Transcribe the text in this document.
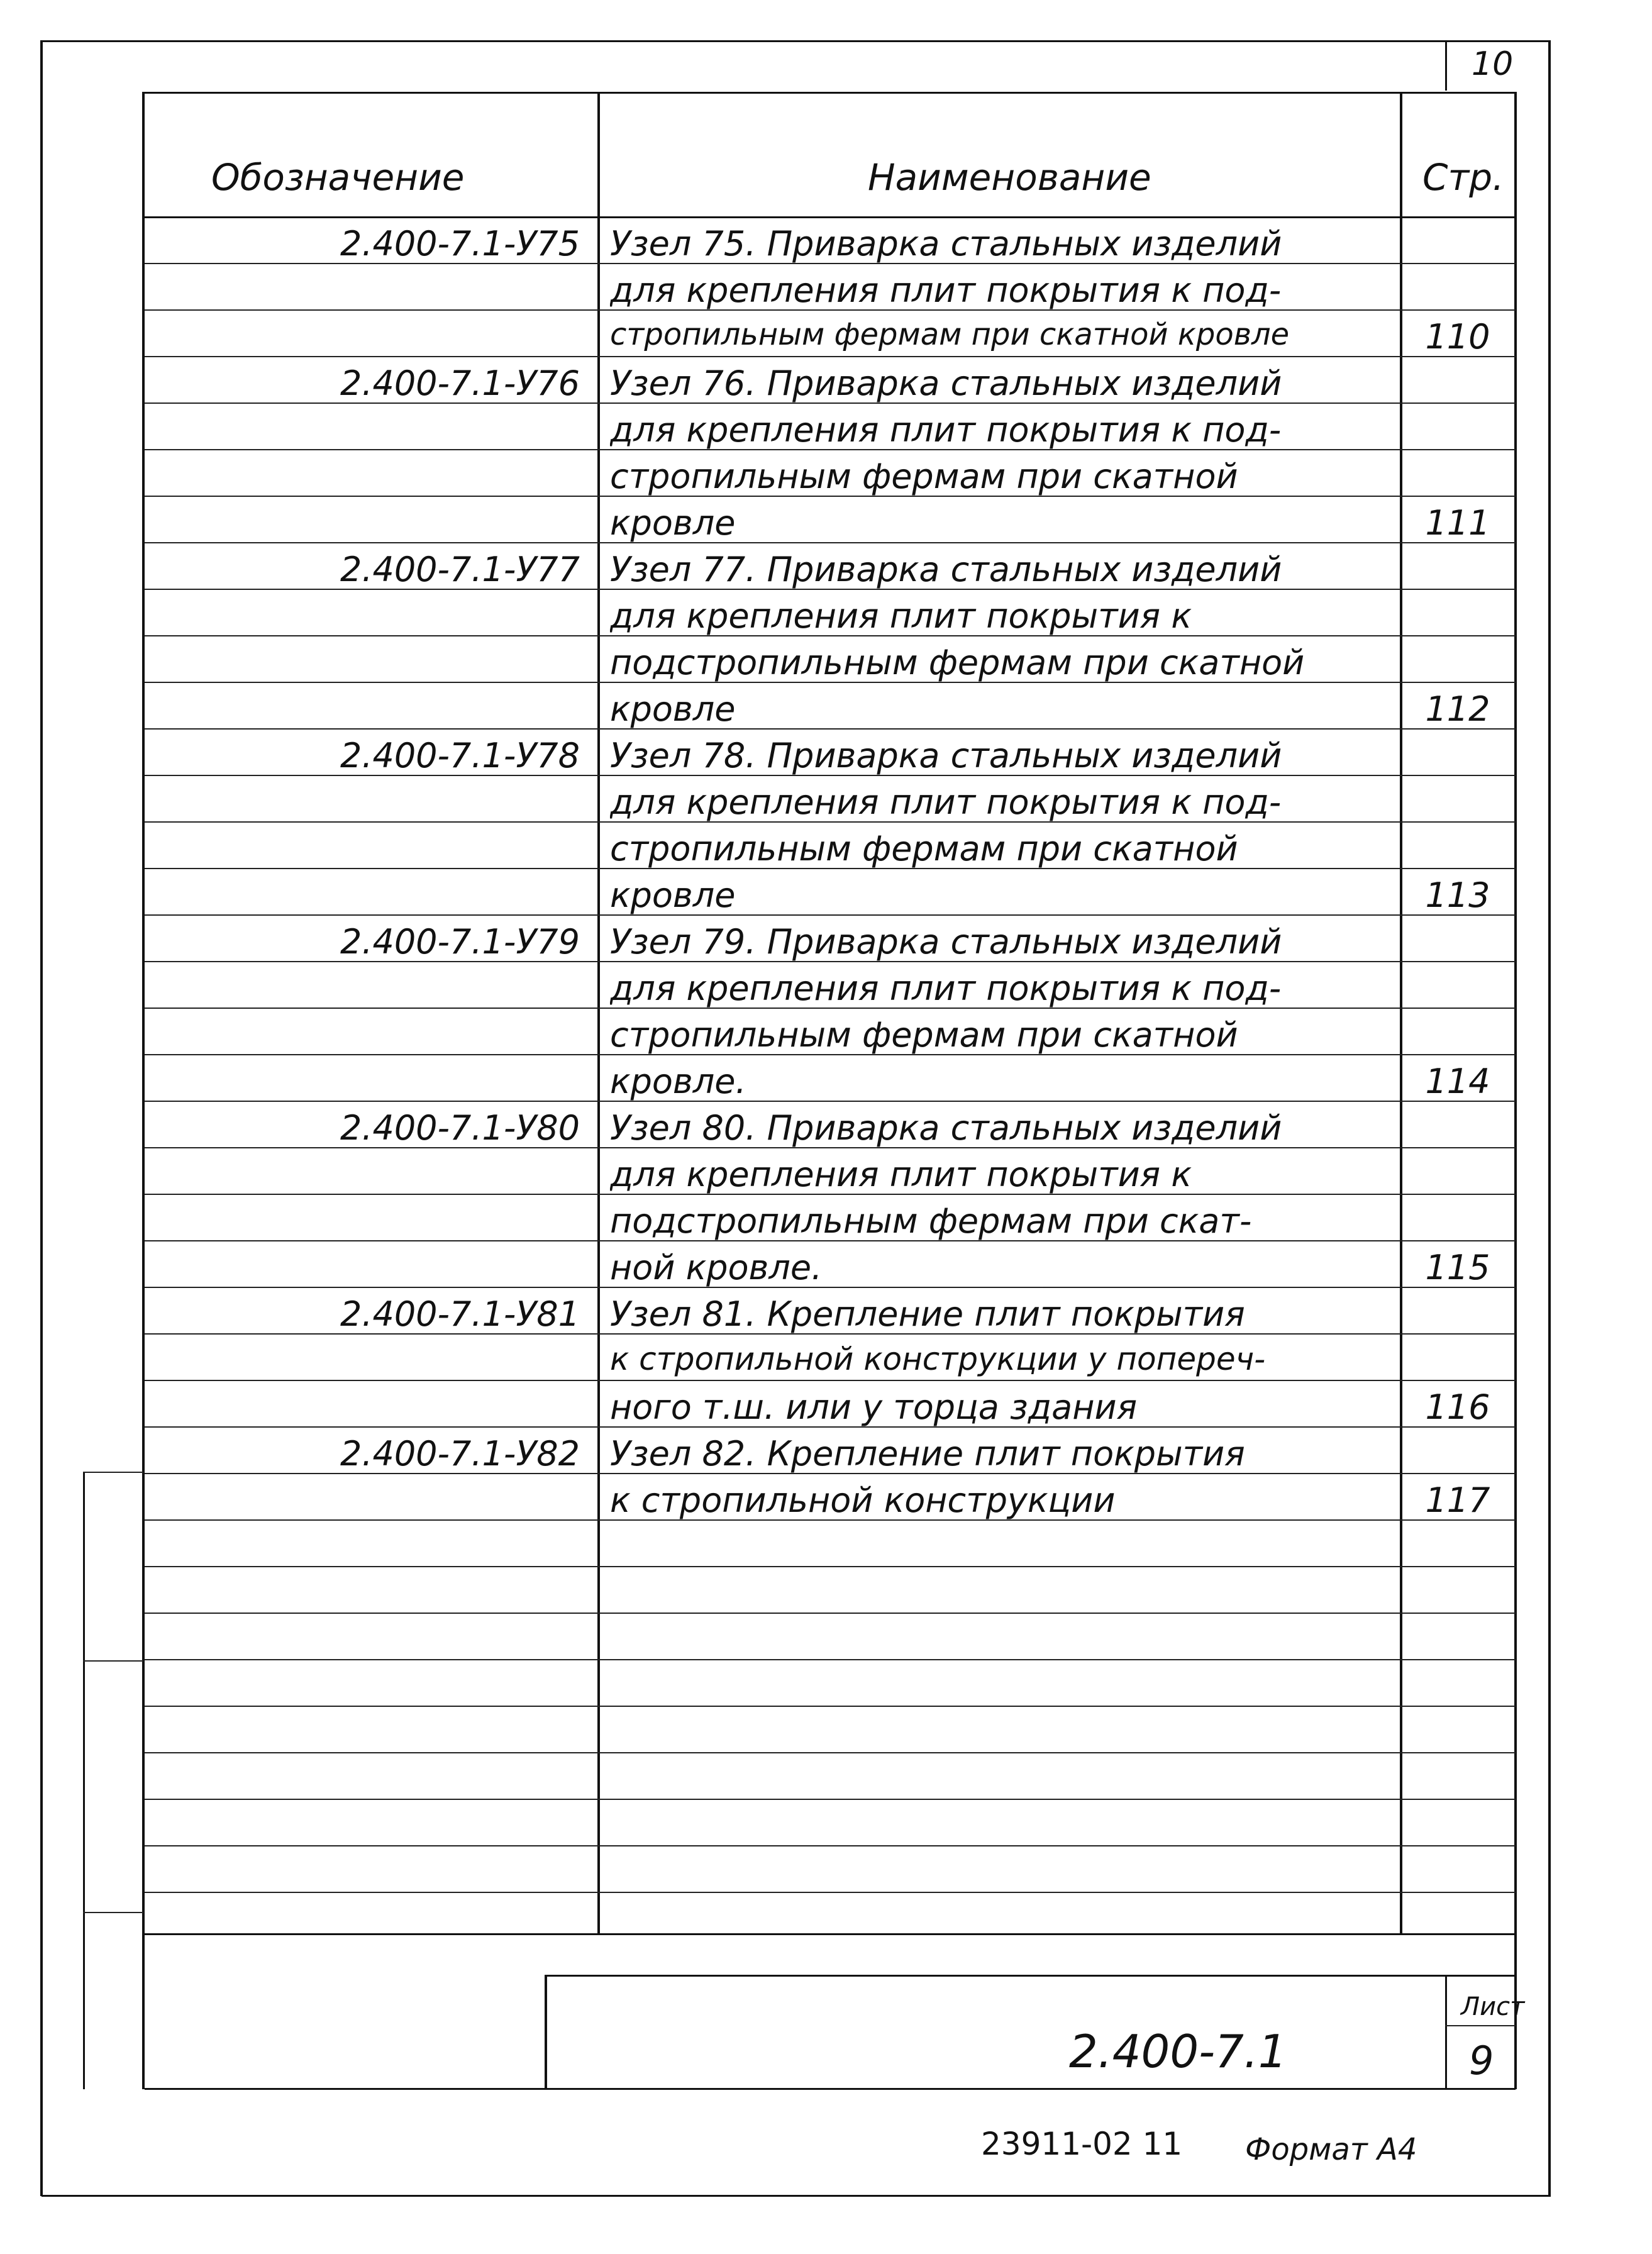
10
Обозначение	Наименование	Стр.
2.400-7.1-У75 Узел 75. Приварка стальных изделий
для крепления плит покрытия к под-
стропильным фермам при скатной кровле	110
2.400-7.1-У76 Узел 76. Приварка стальных изделий
для крепления плит покрытия к под-
стропильным фермам при скатной
кровле	111
2.400-7.1-У77 Узел 77. Приварка стальных изделий
для крепления плит покрытия к
подстропильным фермам при скатной
кровле	112
2.400-7.1-У78 Узел 78. Приварка стальных изделий
для крепления плит покрытия к под-
стропильным фермам при скатной
кровле	113
2.400-7.1-У79 Узел 79. Приварка стальных изделий
для крепления плит покрытия к под-
стропильным фермам при скатной
кровле.	114
2.400-7.1-У80 Узел 80. Приварка стальных изделий
для крепления плит покрытия к
подстропильным фермам при скат-
ной кровле.	115
2.400-7.1-У81 Узел 81. Крепление плит покрытия
к стропильной конструкции у попереч-
ного т.ш. или у торца здания	116
2.400-7.1-У82 Узел 82. Крепление плит покрытия
к стропильной конструкции	117
2.400-7.1
Лист
9
23911-02 11 Формат А4
